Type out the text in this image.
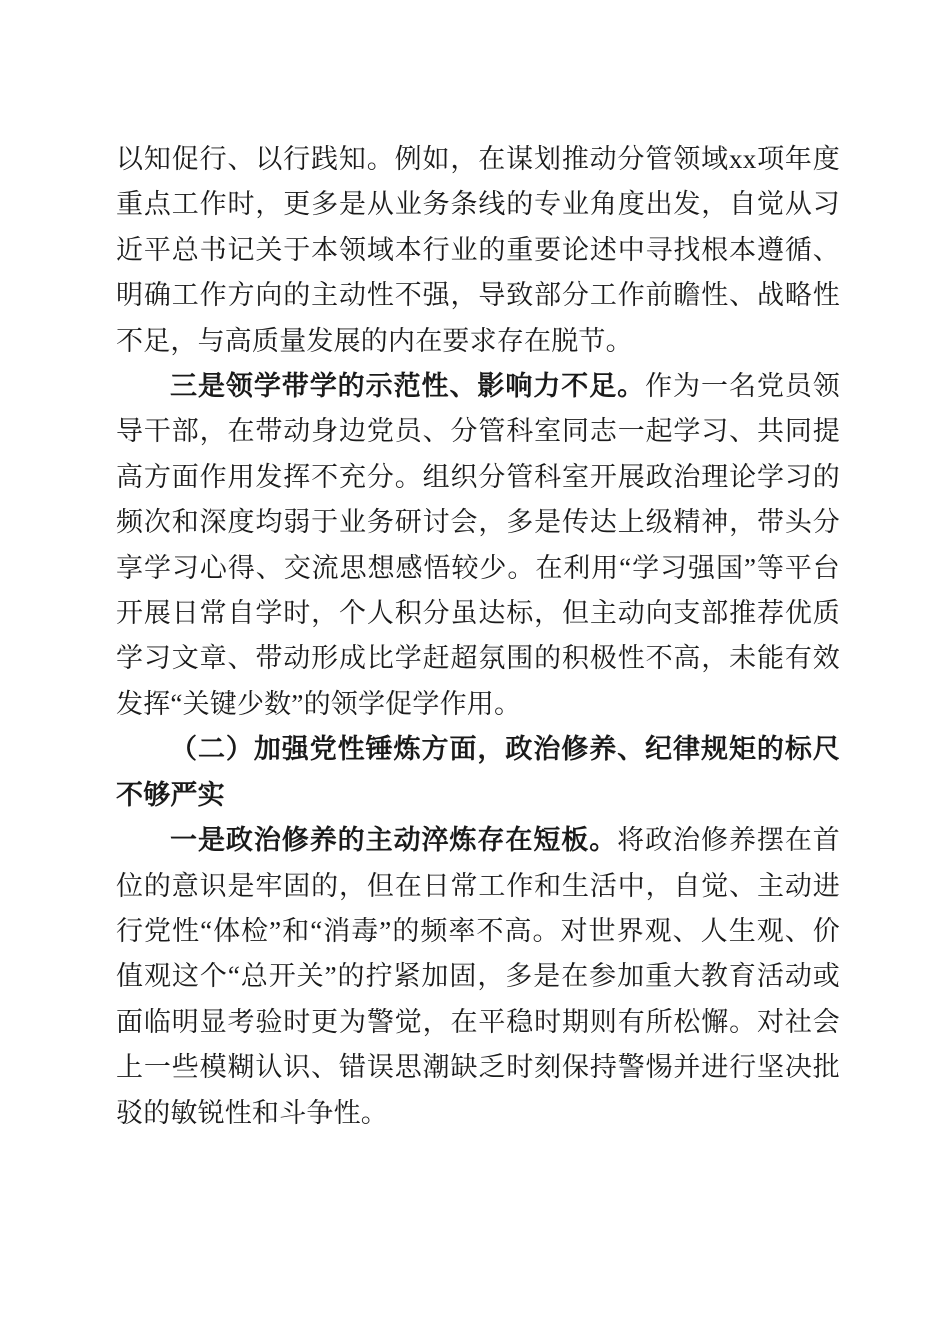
以知促行、以行践知。例如，在谋划推动分管领域xx项年度重点工作时，更多是从业务条线的专业角度出发，自觉从习近平总书记关于本领域本行业的重要论述中寻找根本遵循、明确工作方向的主动性不强，导致部分工作前瞻性、战略性不足，与高质量发展的内在要求存在脱节。

三是领学带学的示范性、影响力不足。作为一名党员领导干部，在带动身边党员、分管科室同志一起学习、共同提高方面作用发挥不充分。组织分管科室开展政治理论学习的频次和深度均弱于业务研讨会，多是传达上级精神，带头分享学习心得、交流思想感悟较少。在利用“学习强国”等平台开展日常自学时，个人积分虽达标，但主动向支部推荐优质学习文章、带动形成比学赶超氛围的积极性不高，未能有效发挥“关键少数”的领学促学作用。

（二）加强党性锤炼方面，政治修养、纪律规矩的标尺不够严实

一是政治修养的主动淬炼存在短板。将政治修养摆在首位的意识是牢固的，但在日常工作和生活中，自觉、主动进行党性“体检”和“消毒”的频率不高。对世界观、人生观、价值观这个“总开关”的拧紧加固，多是在参加重大教育活动或面临明显考验时更为警觉，在平稳时期则有所松懈。对社会上一些模糊认识、错误思潮缺乏时刻保持警惕并进行坚决批驳的敏锐性和斗争性。
